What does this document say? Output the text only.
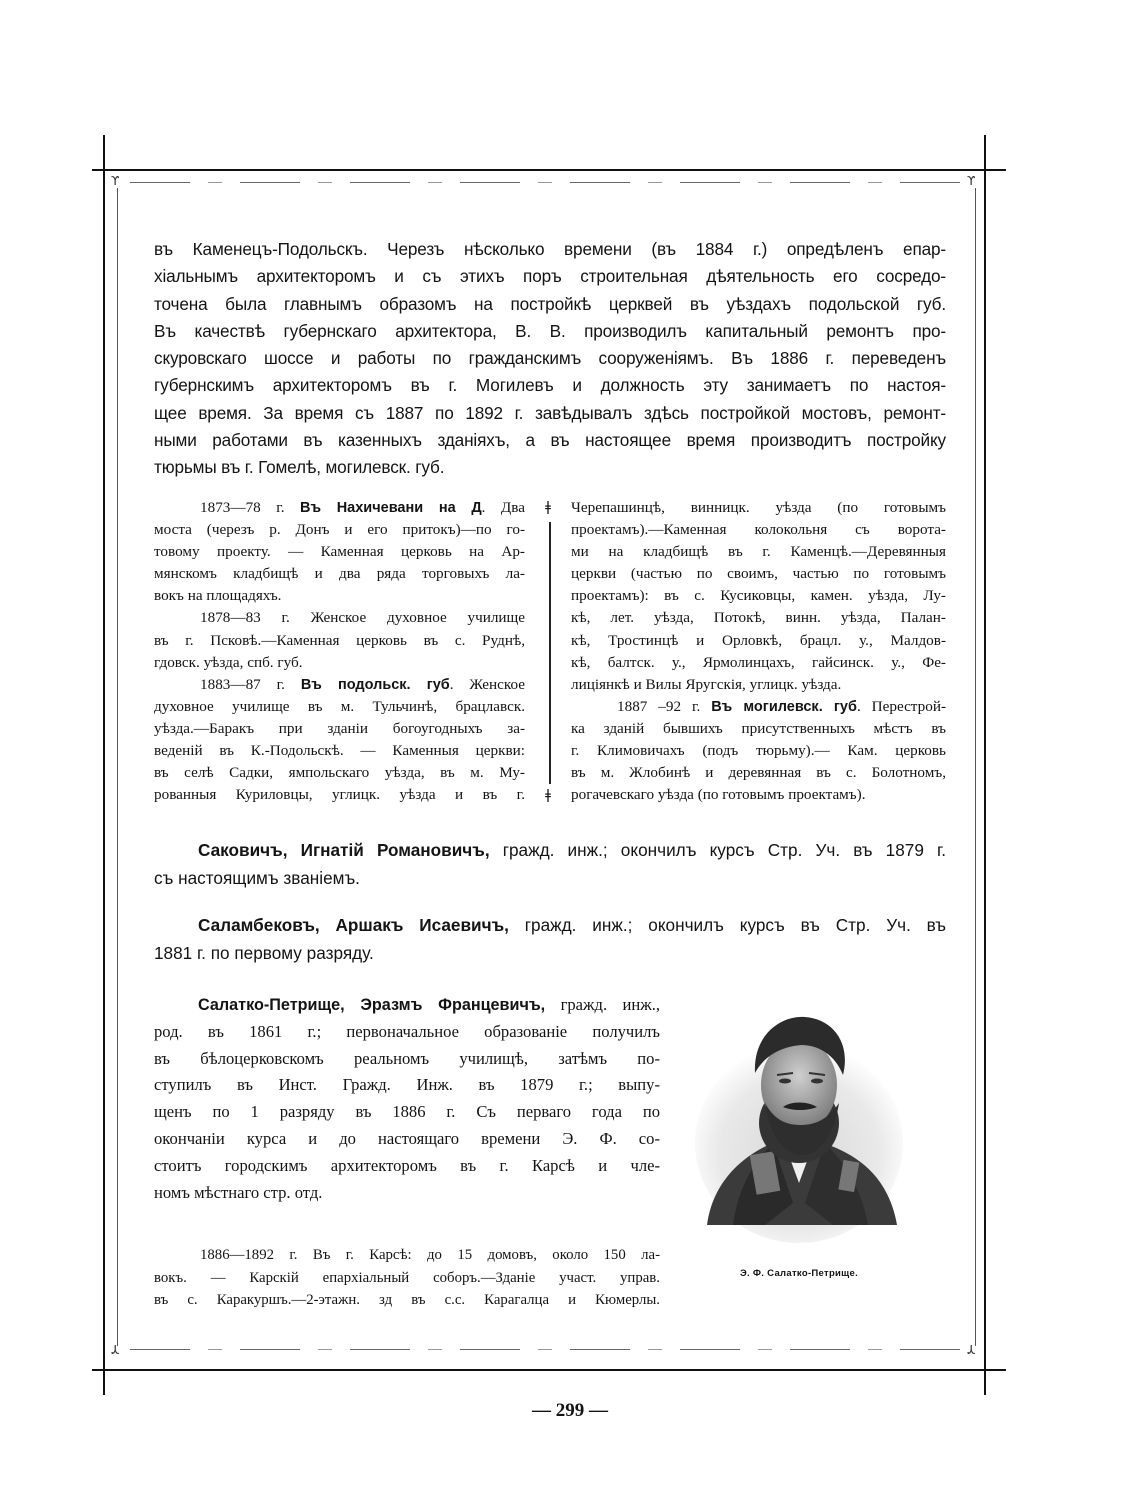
ϒ	ϒ
ϒ	ϒ
въ Каменецъ-Подольскъ. Черезъ нѣсколько времени (въ 1884 г.) опредѣленъ епар-
хіальнымъ архитекторомъ и съ этихъ поръ строительная дѣятельность его сосредо-
точена была главнымъ образомъ на постройкѣ церквей въ уѣздахъ подольской губ.
Въ качествѣ губернскаго архитектора, В. В. производилъ капитальный ремонтъ про-
скуровскаго шоссе и работы по гражданскимъ сооруженіямъ. Въ 1886 г. переведенъ
губернскимъ архитекторомъ въ г. Могилевъ и должность эту занимаетъ по настоя-
щее время. За время съ 1887 по 1892 г. завѣдывалъ здѣсь постройкой мостовъ, ремонт-
ными работами въ казенныхъ зданіяхъ, а въ настоящее время производитъ постройку
тюрьмы въ г. Гомелѣ, могилевск. губ.
1873—78 г. Въ Нахичевани на Д. Два
моста (черезъ р. Донъ и его притокъ)—по го-
товому проекту. — Каменная церковь на Ар-
мянскомъ кладбищѣ и два ряда торговыхъ ла-
вокъ на площадяхъ.
1878—83 г. Женское духовное училище
въ г. Псковѣ.—Каменная церковь въ с. Руднѣ,
гдовск. уѣзда, спб. губ.
1883—87 г. Въ подольск. губ. Женское
духовное училище въ м. Тульчинѣ, брацлавск.
уѣзда.—Баракъ при зданіи богоугодныхъ за-
веденій въ К.-Подольскѣ. — Каменныя церкви:
въ селѣ Садки, ямпольскаго уѣзда, въ м. Му-
рованныя Куриловцы, углицк. уѣзда и въ г.
ǂ
ǂ
Черепашинцѣ, винницк. уѣзда (по готовымъ
проектамъ).—Каменная колокольня съ ворота-
ми на кладбищѣ въ г. Каменцѣ.—Деревянныя
церкви (частью по своимъ, частью по готовымъ
проектамъ): въ с. Кусиковцы, камен. уѣзда, Лу-
кѣ, лет. уѣзда, Потокѣ, винн. уѣзда, Палан-
кѣ, Тростинцѣ и Орловкѣ, брацл. у., Малдов-
кѣ, балтск. у., Ярмолинцахъ, гайсинск. у., Фе-
лиціянкѣ и Вилы Яругскія, углицк. уѣзда.
1887 –92 г. Въ могилевск. губ. Перестрой-
ка зданій бывшихъ присутственныхъ мѣстъ въ
г. Климовичахъ (подъ тюрьму).— Кам. церковь
въ м. Жлобинѣ и деревянная въ с. Болотномъ,
рогачевскаго уѣзда (по готовымъ проектамъ).
Саковичъ, Игнатій Романовичъ, гражд. инж.; окончилъ курсъ Стр. Уч. въ 1879 г.
съ настоящимъ званіемъ.
Саламбековъ, Аршакъ Исаевичъ, гражд. инж.; окончилъ курсъ въ Стр. Уч. въ
1881 г. по первому разряду.
Салатко-Петрище, Эразмъ Францевичъ, гражд. инж.,
род. въ 1861 г.; первоначальное образованіе получилъ
въ бѣлоцерковскомъ реальномъ училищѣ, затѣмъ по-
ступилъ въ Инст. Гражд. Инж. въ 1879 г.; выпу-
щенъ по 1 разряду въ 1886 г. Съ перваго года по
окончаніи курса и до настоящаго времени Э. Ф. со-
стоитъ городскимъ архитекторомъ въ г. Карсѣ и чле-
номъ мѣстнаго стр. отд.
1886—1892 г. Въ г. Карсѣ: до 15 домовъ, около 150 ла-
вокъ. — Карскій епархіальный соборъ.—Зданіе участ. управ.
въ с. Каракуршъ.—2-этажн. зд въ с.с. Карагалца и Кюмерлы.
Э. Ф. Салатко-Петрище.
— 299 —
